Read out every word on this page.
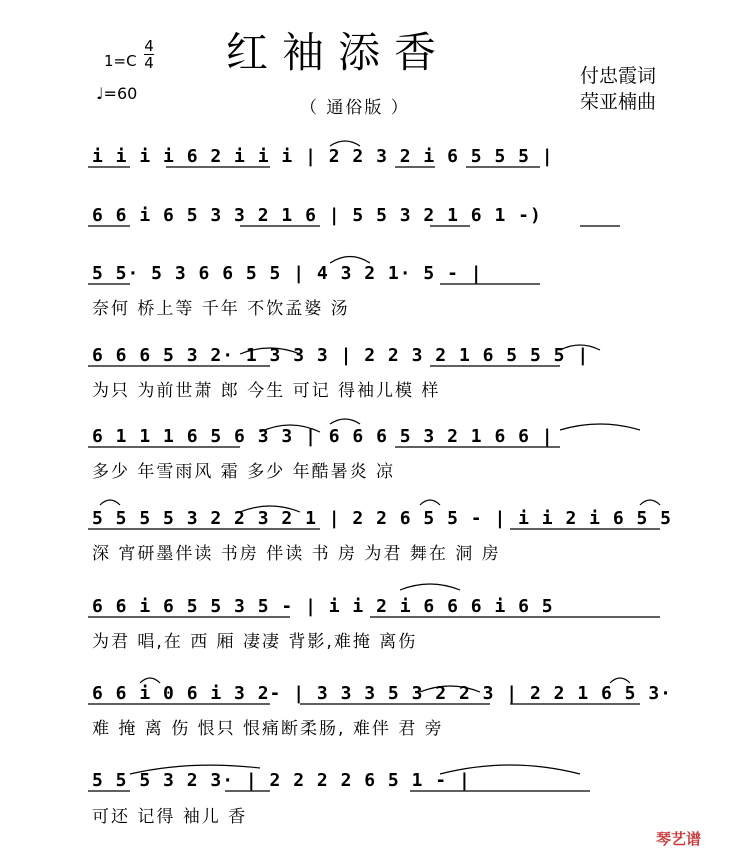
红袖添香
（ 通俗版 ）
1=C
4
4
♩=60
付忠霞词
荣亚楠曲
i i i i 6 2 i i i | 2 2 3 2 i 6 5 5 5 |
6 6 i 6 5 3 3 2 1 6 | 5 5 3 2 1 6 1 -)
5 5· 5 3 6 6 5 5 | 4 3 2 1· 5 - |
奈何 桥上等 千年 不饮孟婆 汤
6 6 6 5 3 2· 1 3 3 3 | 2 2 3 2 1 6 5 5 5 |
为只 为前世萧 郎 今生 可记 得袖儿模 样
6 1 1 1 6 5 6 3 3 | 6 6 6 5 3 2 1 6 6 |
多少 年雪雨风 霜 多少 年酷暑炎 凉
5 5 5 5 3 2 2 3 2 1 | 2 2 6 5 5 - | i i 2 i 6 5 5
深 宵研墨伴读 书房 伴读 书 房 为君 舞在 洞 房
6 6 i 6 5 5 3 5 - | i i 2 i 6 6 6 i 6 5
为君 唱,在 西 厢 凄凄 背影,难掩 离伤
6 6 i 0 6 i 3 2- | 3 3 3 5 3 2 2 3 | 2 2 1 6 5 3·
难 掩 离 伤 恨只 恨痛断柔肠, 难伴 君 旁
5 5 5 3 2 3· | 2 2 2 2 6 5 1 - |
可还 记得 袖儿 香
琴艺谱
